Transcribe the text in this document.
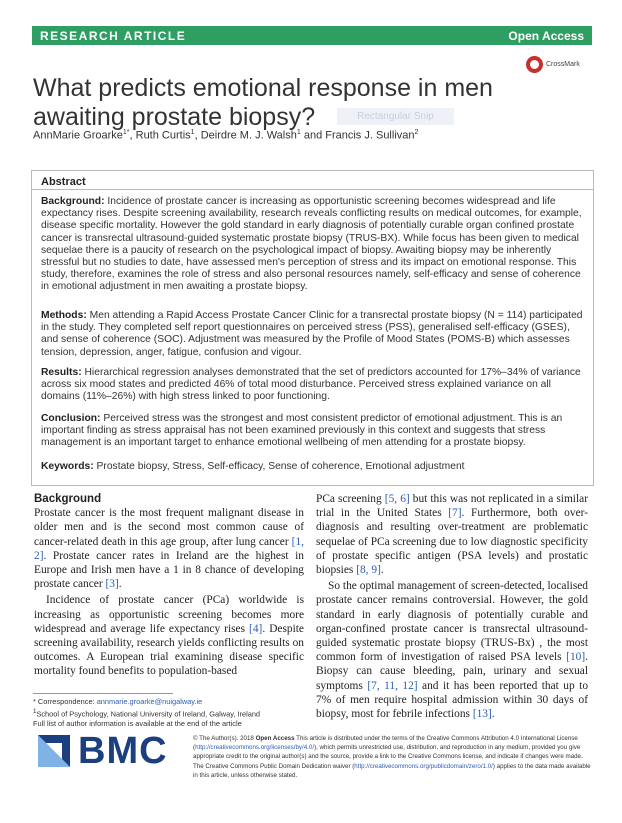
RESEARCH ARTICLE	Open Access
What predicts emotional response in men awaiting prostate biopsy?
CrossMark
Rectangular Snip
AnnMarie Groarke$^{1*}$, Ruth Curtis$^1$, Deirdre M. J. Walsh$^1$ and Francis J. Sullivan$^2$
Abstract
Background: Incidence of prostate cancer is increasing as opportunistic screening becomes widespread and life expectancy rises. Despite screening availability, research reveals conflicting results on medical outcomes, for example, disease specific mortality. However the gold standard in early diagnosis of potentially curable organ confined prostate cancer is transrectal ultrasound-guided systematic prostate biopsy (TRUS-BX). While focus has been given to medical sequelae there is a paucity of research on the psychological impact of biopsy. Awaiting biopsy may be inherently stressful but no studies to date, have assessed men's perception of stress and its impact on emotional response. This study, therefore, examines the role of stress and also personal resources namely, self-efficacy and sense of coherence in emotional adjustment in men awaiting a prostate biopsy.
Methods: Men attending a Rapid Access Prostate Cancer Clinic for a transrectal prostate biopsy (N = 114) participated in the study. They completed self report questionnaires on perceived stress (PSS), generalised self-efficacy (GSES), and sense of coherence (SOC). Adjustment was measured by the Profile of Mood States (POMS-B) which assesses tension, depression, anger, fatigue, confusion and vigour.
Results: Hierarchical regression analyses demonstrated that the set of predictors accounted for 17%–34% of variance across six mood states and predicted 46% of total mood disturbance. Perceived stress explained variance on all domains (11%–26%) with high stress linked to poor functioning.
Conclusion: Perceived stress was the strongest and most consistent predictor of emotional adjustment. This is an important finding as stress appraisal has not been examined previously in this context and suggests that stress management is an important target to enhance emotional wellbeing of men attending for a prostate biopsy.
Keywords: Prostate biopsy, Stress, Self-efficacy, Sense of coherence, Emotional adjustment
Background

Prostate cancer is the most frequent malignant disease in older men and is the second most common cause of cancer-related death in this age group, after lung cancer [1, 2]. Prostate cancer rates in Ireland are the highest in Europe and Irish men have a 1 in 8 chance of developing prostate cancer [3].

Incidence of prostate cancer (PCa) worldwide is increasing as opportunistic screening becomes more widespread and average life expectancy rises [4]. Despite screening availability, research yields conflicting results on outcomes. A European trial examining disease specific mortality found benefits to population-based

PCa screening [5, 6] but this was not replicated in a similar trial in the United States [7]. Furthermore, both over-diagnosis and resulting over-treatment are problematic sequelae of PCa screening due to low diagnostic specificity of prostate specific antigen (PSA levels) and prostatic biopsies [8, 9].

So the optimal management of screen-detected, localised prostate cancer remains controversial. However, the gold standard in early diagnosis of potentially curable and organ-confined prostate cancer is transrectal ultrasound-guided systematic prostate biopsy (TRUS-Bx) , the most common form of investigation of raised PSA levels [10]. Biopsy can cause bleeding, pain, urinary and sexual symptoms [7, 11, 12] and it has been reported that up to 7% of men require hospital admission within 30 days of biopsy, most for febrile infections [13].

* Correspondence: annmarie.groarke@nuigalway.ie
$^1$School of Psychology, National University of Ireland, Galway, Ireland
Full list of author information is available at the end of the article
BMC	© The Author(s). 2018 Open Access This article is distributed under the terms of the Creative Commons Attribution 4.0 International License (http://creativecommons.org/licenses/by/4.0/), which permits unrestricted use, distribution, and reproduction in any medium, provided you give appropriate credit to the original author(s) and the source, provide a link to the Creative Commons license, and indicate if changes were made. The Creative Commons Public Domain Dedication waiver (http://creativecommons.org/publicdomain/zero/1.0/) applies to the data made available in this article, unless otherwise stated.
